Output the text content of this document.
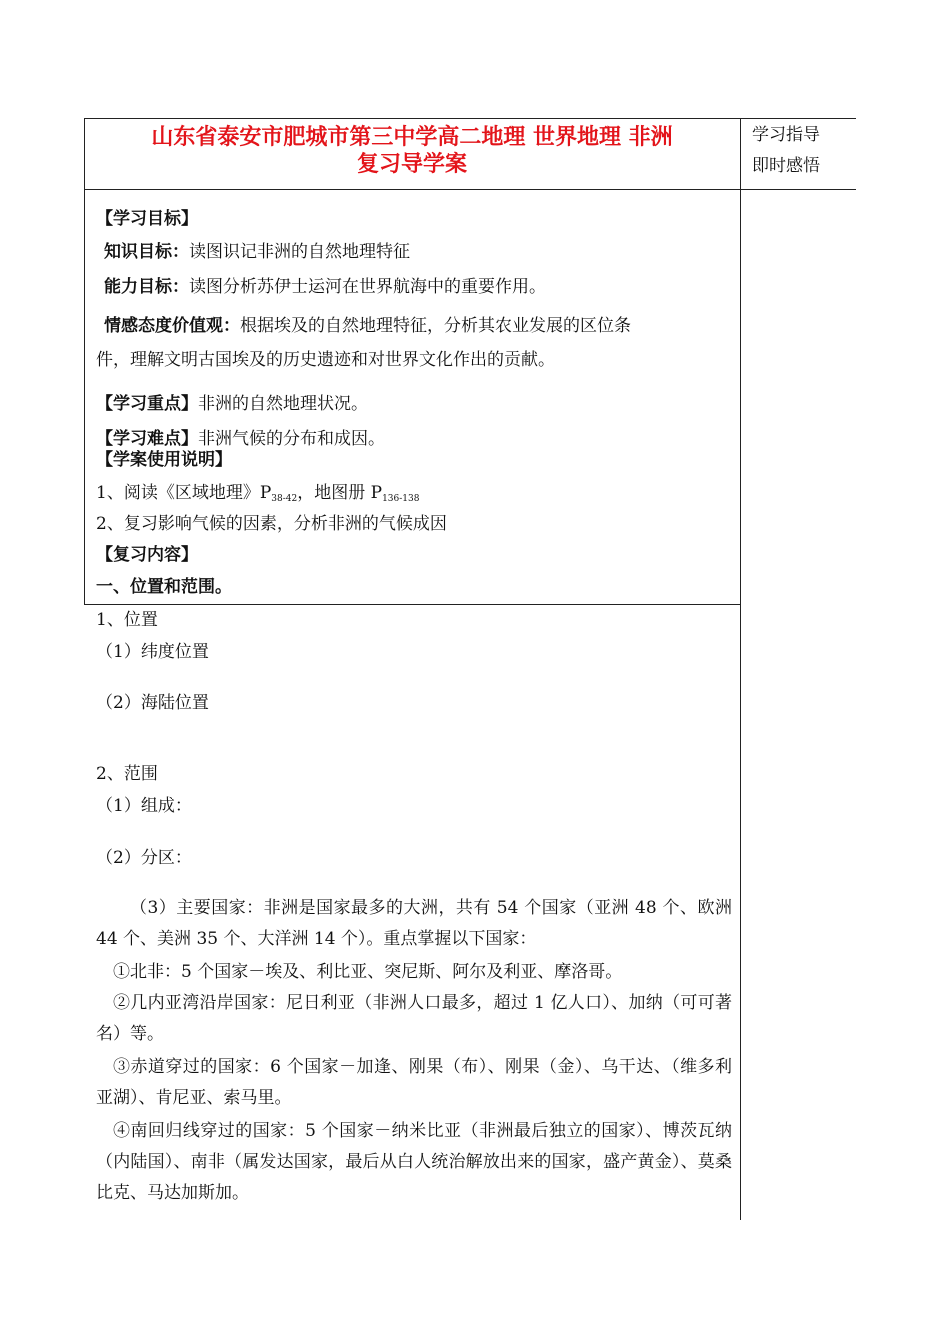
山东省泰安市肥城市第三中学高二地理 世界地理 非洲
复习导学案
学习指导
即时感悟
【学习目标】
知识目标：读图识记非洲的自然地理特征
能力目标：读图分析苏伊士运河在世界航海中的重要作用。
情感态度价值观：根据埃及的自然地理特征，分析其农业发展的区位条
件，理解文明古国埃及的历史遗迹和对世界文化作出的贡献。
【学习重点】非洲的自然地理状况。
【学习难点】非洲气候的分布和成因。
【学案使用说明】
1、阅读《区域地理》P38-42，地图册 P136-138
2、复习影响气候的因素，分析非洲的气候成因
【复习内容】
一、位置和范围。
1、位置
（1）纬度位置
（2）海陆位置
2、范围
（1）组成：
（2）分区：
（3）主要国家：非洲是国家最多的大洲，共有 54 个国家（亚洲 48 个、欧洲 44 个、美洲 35 个、大洋洲 14 个）。重点掌握以下国家：
①北非：5 个国家－埃及、利比亚、突尼斯、阿尔及利亚、摩洛哥。
②几内亚湾沿岸国家：尼日利亚（非洲人口最多，超过 1 亿人口）、加纳（可可著名）等。
③赤道穿过的国家：6 个国家－加逢、刚果（布）、刚果（金）、乌干达、（维多利亚湖）、肯尼亚、索马里。
④南回归线穿过的国家：5 个国家－纳米比亚（非洲最后独立的国家）、博茨瓦纳（内陆国）、南非（属发达国家，最后从白人统治解放出来的国家，盛产黄金）、莫桑比克、马达加斯加。
